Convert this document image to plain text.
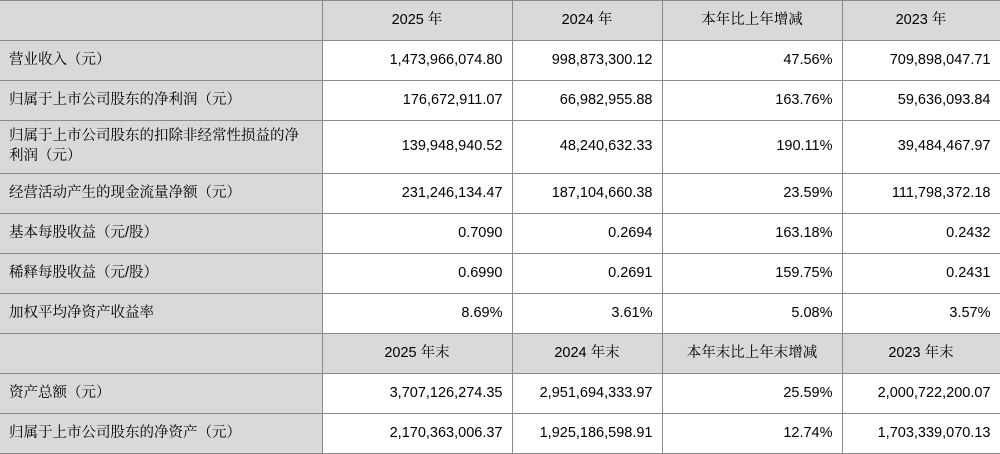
	2025 年	2024 年	本年比上年增减	2023 年
营业收入（元）	1,473,966,074.80	998,873,300.12	47.56%	709,898,047.71
归属于上市公司股东的净利润（元）	176,672,911.07	66,982,955.88	163.76%	59,636,093.84
归属于上市公司股东的扣除非经常性损益的净利润（元）	139,948,940.52	48,240,632.33	190.11%	39,484,467.97
经营活动产生的现金流量净额（元）	231,246,134.47	187,104,660.38	23.59%	111,798,372.18
基本每股收益（元/股）	0.7090	0.2694	163.18%	0.2432
稀释每股收益（元/股）	0.6990	0.2691	159.75%	0.2431
加权平均净资产收益率	8.69%	3.61%	5.08%	3.57%
	2025 年末	2024 年末	本年末比上年末增减	2023 年末
资产总额（元）	3,707,126,274.35	2,951,694,333.97	25.59%	2,000,722,200.07
归属于上市公司股东的净资产（元）	2,170,363,006.37	1,925,186,598.91	12.74%	1,703,339,070.13
